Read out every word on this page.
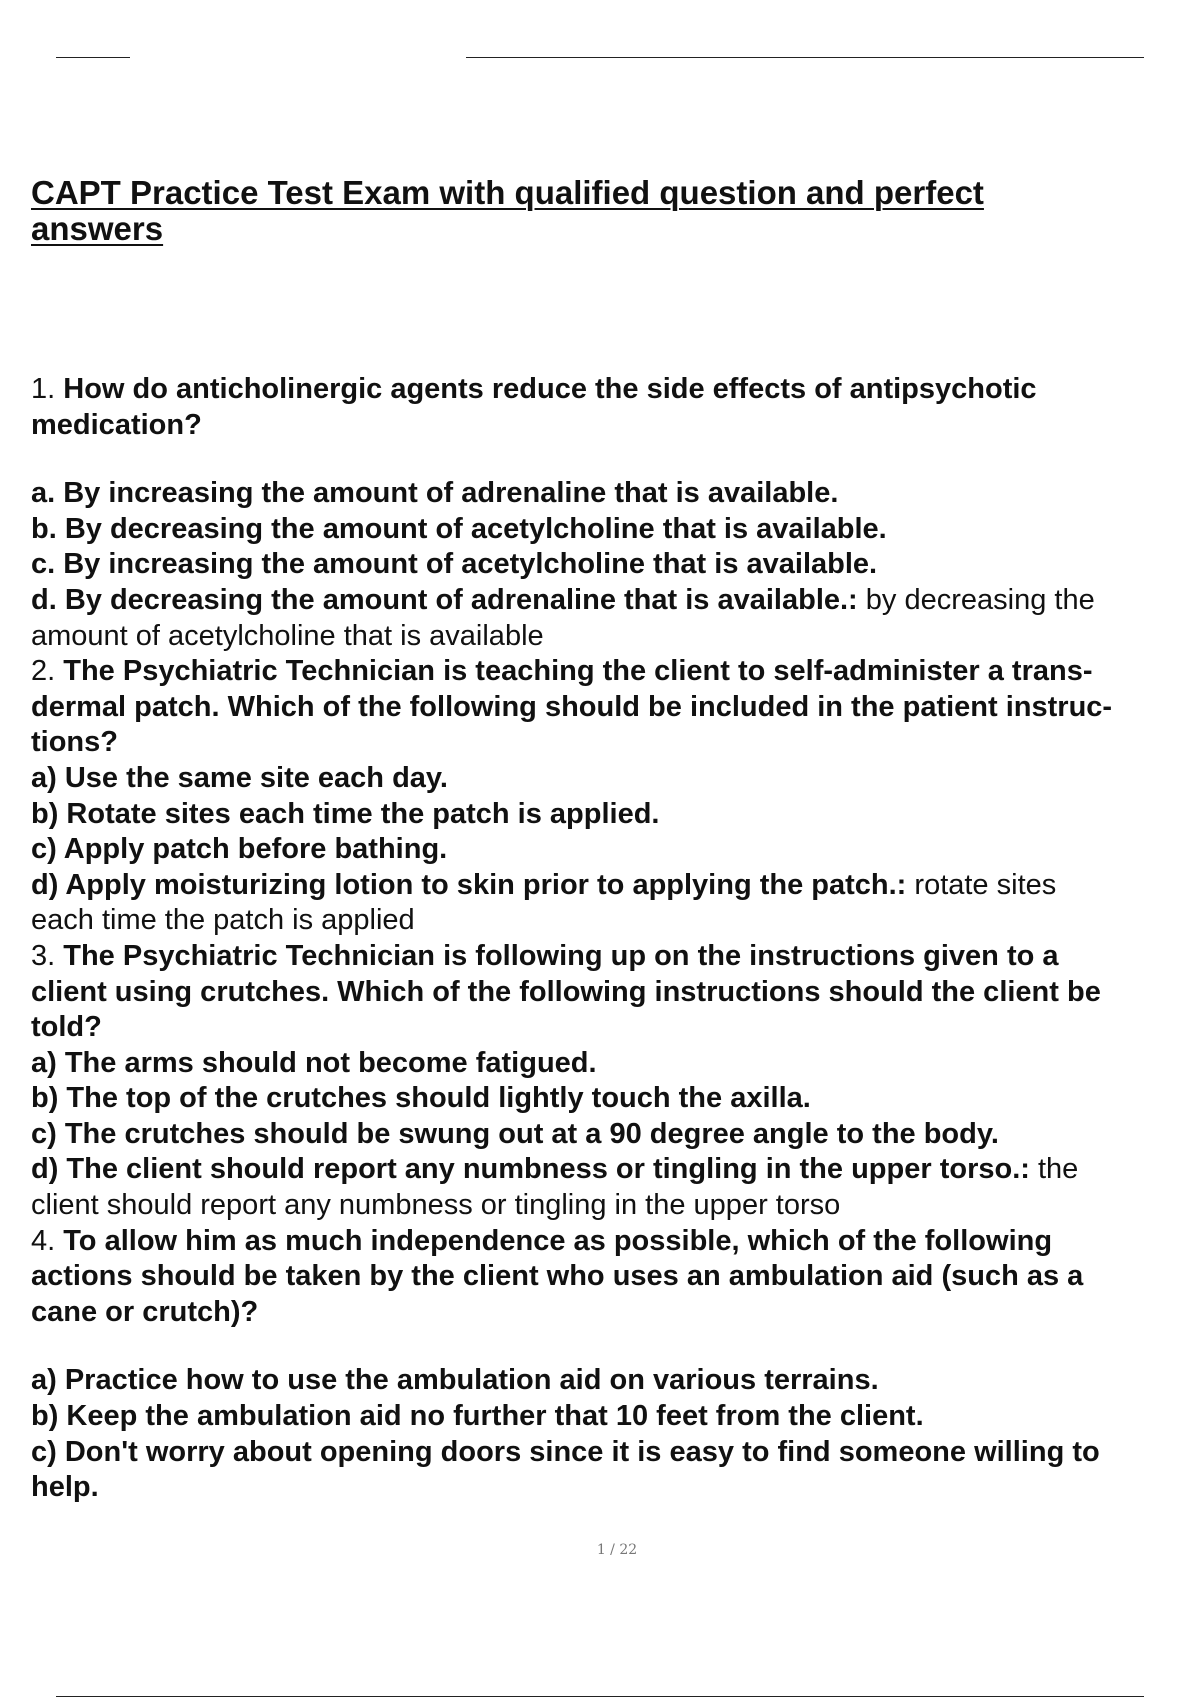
CAPT Practice Test Exam with qualified question and perfect
answers
1. How do anticholinergic agents reduce the side effects of antipsychotic
medication?
a. By increasing the amount of adrenaline that is available.
b. By decreasing the amount of acetylcholine that is available.
c. By increasing the amount of acetylcholine that is available.
d. By decreasing the amount of adrenaline that is available.: by decreasing the
amount of acetylcholine that is available
2. The Psychiatric Technician is teaching the client to self-administer a trans-
dermal patch. Which of the following should be included in the patient instruc-
tions?
a) Use the same site each day.
b) Rotate sites each time the patch is applied.
c) Apply patch before bathing.
d) Apply moisturizing lotion to skin prior to applying the patch.: rotate sites
each time the patch is applied
3. The Psychiatric Technician is following up on the instructions given to a
client using crutches. Which of the following instructions should the client be
told?
a) The arms should not become fatigued.
b) The top of the crutches should lightly touch the axilla.
c) The crutches should be swung out at a 90 degree angle to the body.
d) The client should report any numbness or tingling in the upper torso.: the
client should report any numbness or tingling in the upper torso
4. To allow him as much independence as possible, which of the following
actions should be taken by the client who uses an ambulation aid (such as a
cane or crutch)?
a) Practice how to use the ambulation aid on various terrains.
b) Keep the ambulation aid no further that 10 feet from the client.
c) Don't worry about opening doors since it is easy to find someone willing to
help.
1 / 22
